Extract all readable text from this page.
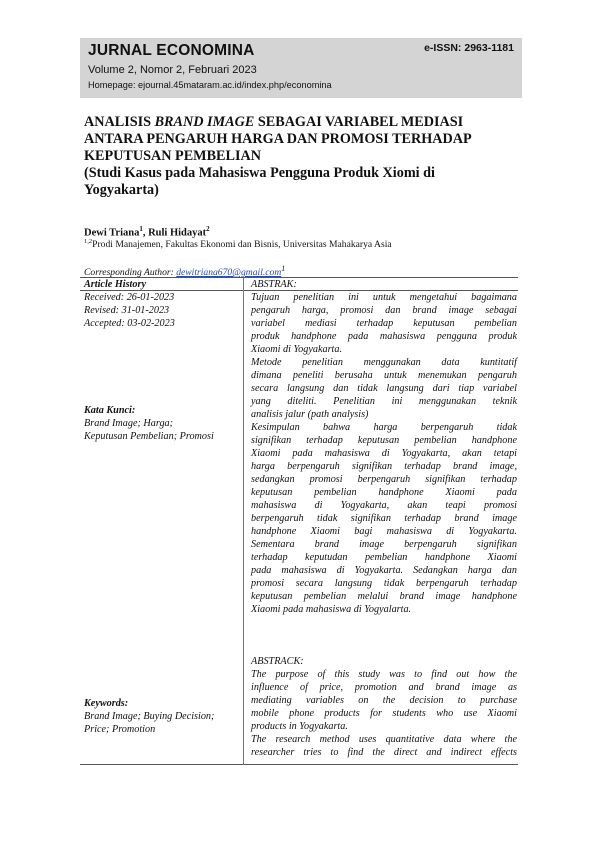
JURNAL ECONOMINA	e-ISSN: 2963-1181
Volume 2, Nomor 2, Februari 2023
Homepage: ejournal.45mataram.ac.id/index.php/economina
ANALISIS BRAND IMAGE SEBAGAI VARIABEL MEDIASI
ANTARA PENGARUH HARGA DAN PROMOSI TERHADAP
KEPUTUSAN PEMBELIAN
(Studi Kasus pada Mahasiswa Pengguna Produk Xiomi di
Yogyakarta)
Dewi Triana$^1$, Ruli Hidayat$^2$
$^{1,2}$Prodi Manajemen, Fakultas Ekonomi dan Bisnis, Universitas Mahakarya Asia
Corresponding Author: dewitriana670@gmail.com$^1$
Article History
Received: 26-01-2023
Revised: 31-01-2023
Accepted: 03-02-2023
Kata Kunci:
Brand Image; Harga;
Keputusan Pembelian; Promosi
Keywords:
Brand Image; Buying Decision;
Price; Promotion
ABSTRAK:
Tujuan penelitian ini untuk mengetahui bagaimana
pengaruh harga, promosi dan brand image sebagai
variabel mediasi terhadap keputusan pembelian
produk handphone pada mahasiswa pengguna produk
Xiaomi di Yogyakarta.
Metode penelitian menggunakan data kuntitatif
dimana peneliti berusaha untuk menemukan pengaruh
secara langsung dan tidak langsung dari tiap variabel
yang diteliti. Penelitian ini menggunakan teknik
analisis jalur (path analysis)
Kesimpulan bahwa harga berpengaruh tidak
signifikan terhadap keputusan pembelian handphone
Xiaomi pada mahasiswa di Yogyakarta, akan tetapi
harga berpengaruh signifikan terhadap brand image,
sedangkan promosi berpengaruh signifikan terhadap
keputusan pembelian handphone Xiaomi pada
mahasiswa di Yogyakarta, akan teapi promosi
berpengaruh tidak signifikan terhadap brand image
handphone Xiaomi bagi mahasiswa di Yogyakarta.
Sementara brand image berpengaruh signifikan
terhadap keputudan pembelian handphone Xiaomi
pada mahasiswa di Yogyakarta. Sedangkan harga dan
promosi secara langsung tidak berpengaruh terhadap
keputusan pembelian melalui brand image handphone
Xiaomi pada mahasiswa di Yogyalarta.
ABSTRACK:
The purpose of this study was to find out how the
influence of price, promotion and brand image as
mediating variables on the decision to purchase
mobile phone products for students who use Xiaomi
products in Yogyakarta.
The research method uses quantitative data where the
researcher tries to find the direct and indirect effects
